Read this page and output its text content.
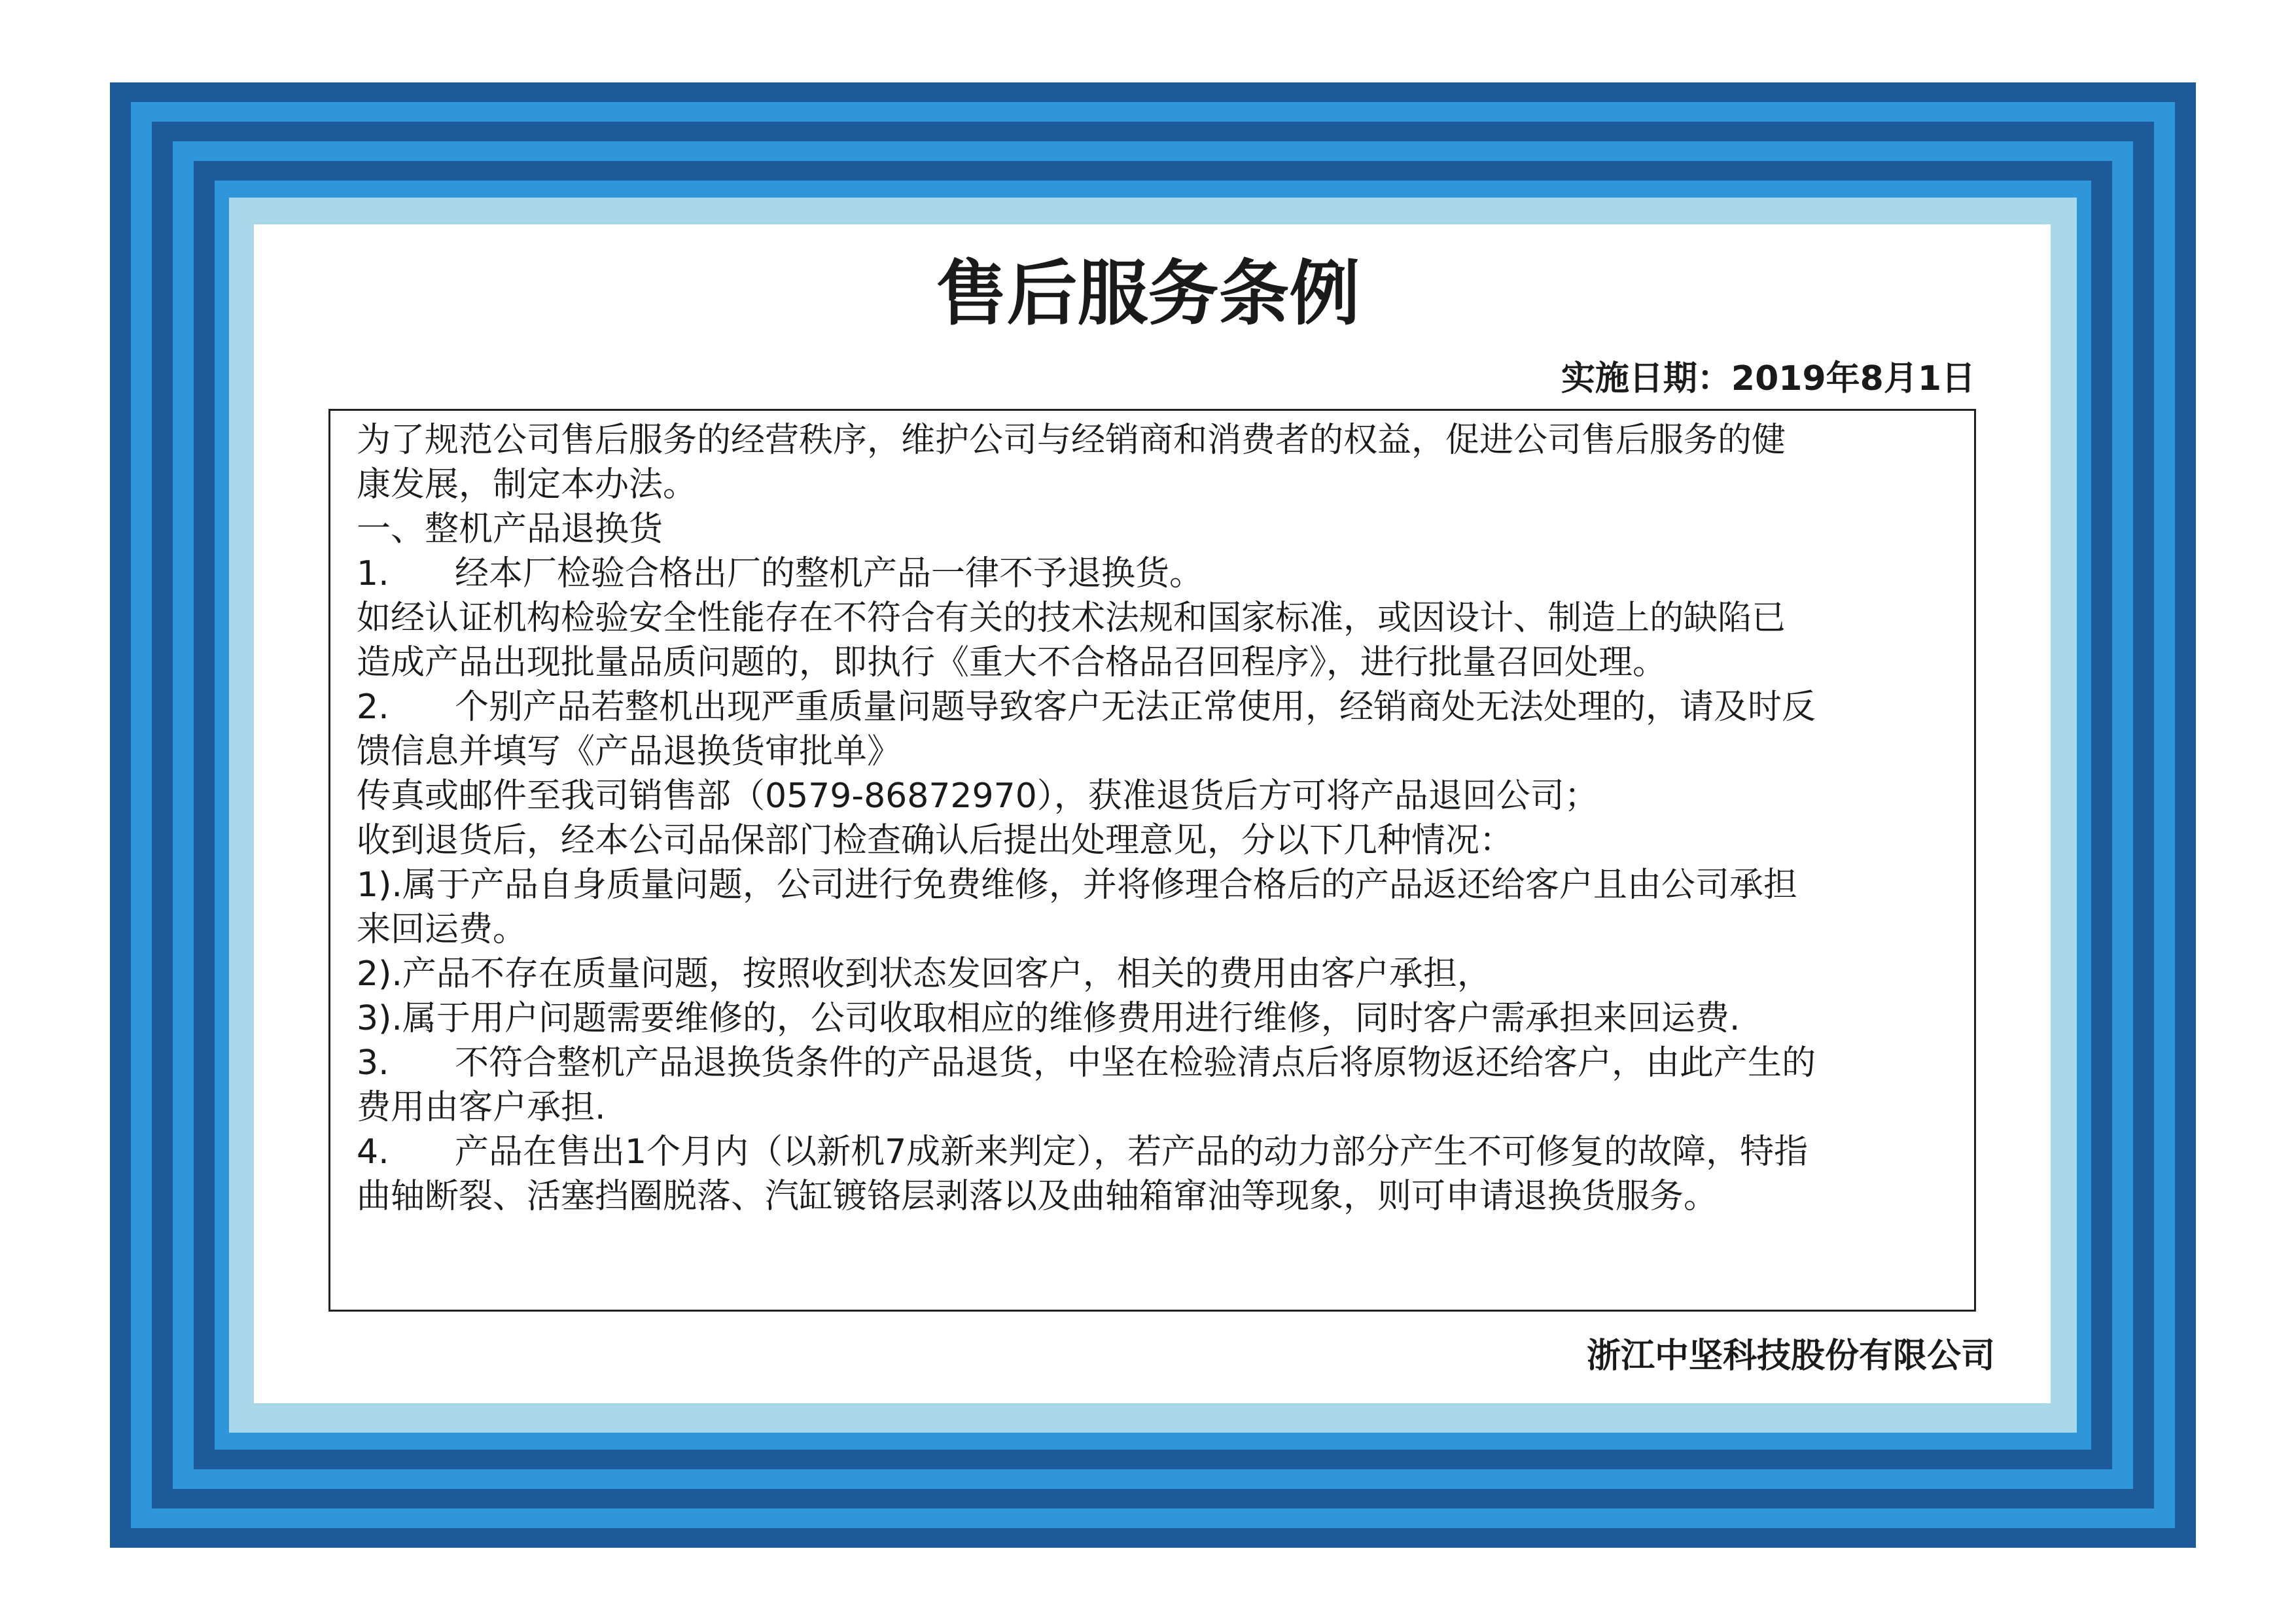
售后服务条例
实施日期：2019年8月1日
为了规范公司售后服务的经营秩序，维护公司与经销商和消费者的权益，促进公司售后服务的健
康发展，制定本办法。
一、整机产品退换货
1. 经本厂检验合格出厂的整机产品一律不予退换货。
如经认证机构检验安全性能存在不符合有关的技术法规和国家标准，或因设计、制造上的缺陷已
造成产品出现批量品质问题的，即执行《重大不合格品召回程序》，进行批量召回处理。
2. 个别产品若整机出现严重质量问题导致客户无法正常使用，经销商处无法处理的，请及时反
馈信息并填写《产品退换货审批单》
传真或邮件至我司销售部（0579-86872970），获准退货后方可将产品退回公司；
收到退货后，经本公司品保部门检查确认后提出处理意见，分以下几种情况：
1).属于产品自身质量问题，公司进行免费维修，并将修理合格后的产品返还给客户且由公司承担
来回运费。
2).产品不存在质量问题，按照收到状态发回客户，相关的费用由客户承担，
3).属于用户问题需要维修的，公司收取相应的维修费用进行维修，同时客户需承担来回运费.
3. 不符合整机产品退换货条件的产品退货，中坚在检验清点后将原物返还给客户，由此产生的
费用由客户承担.
4. 产品在售出1个月内（以新机7成新来判定），若产品的动力部分产生不可修复的故障，特指
曲轴断裂、活塞挡圈脱落、汽缸镀铬层剥落以及曲轴箱窜油等现象，则可申请退换货服务。
浙江中坚科技股份有限公司
